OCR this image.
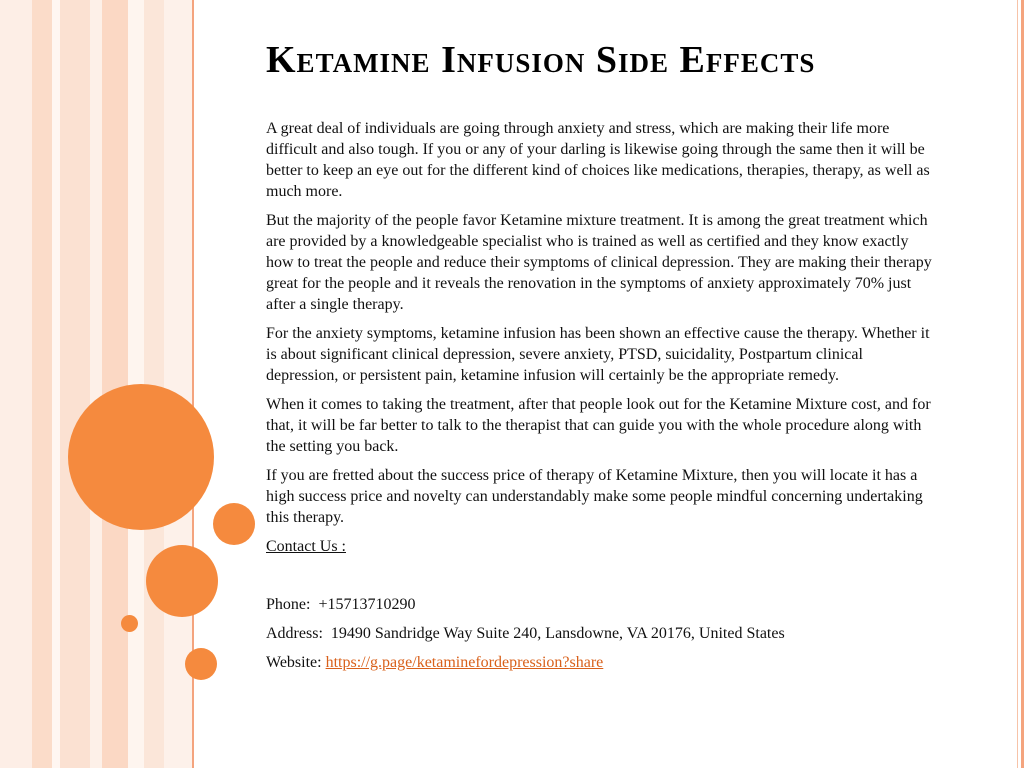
Ketamine Infusion Side Effects

A great deal of individuals are going through anxiety and stress, which are making their life more difficult and also tough. If you or any of your darling is likewise going through the same then it will be better to keep an eye out for the different kind of choices like medications, therapies, therapy, as well as much more.

But the majority of the people favor Ketamine mixture treatment. It is among the great treatment which are provided by a knowledgeable specialist who is trained as well as certified and they know exactly how to treat the people and reduce their symptoms of clinical depression. They are making their therapy great for the people and it reveals the renovation in the symptoms of anxiety approximately 70% just after a single therapy.

For the anxiety symptoms, ketamine infusion has been shown an effective cause the therapy. Whether it is about significant clinical depression, severe anxiety, PTSD, suicidality, Postpartum clinical depression, or persistent pain, ketamine infusion will certainly be the appropriate remedy.

When it comes to taking the treatment, after that people look out for the Ketamine Mixture cost, and for that, it will be far better to talk to the therapist that can guide you with the whole procedure along with the setting you back.

If you are fretted about the success price of therapy of Ketamine Mixture, then you will locate it has a high success price and novelty can understandably make some people mindful concerning undertaking this therapy.

Contact Us :

Phone: +15713710290

Address: 19490 Sandridge Way Suite 240, Lansdowne, VA 20176, United States

Website: https://g.page/ketaminefordepression?share
